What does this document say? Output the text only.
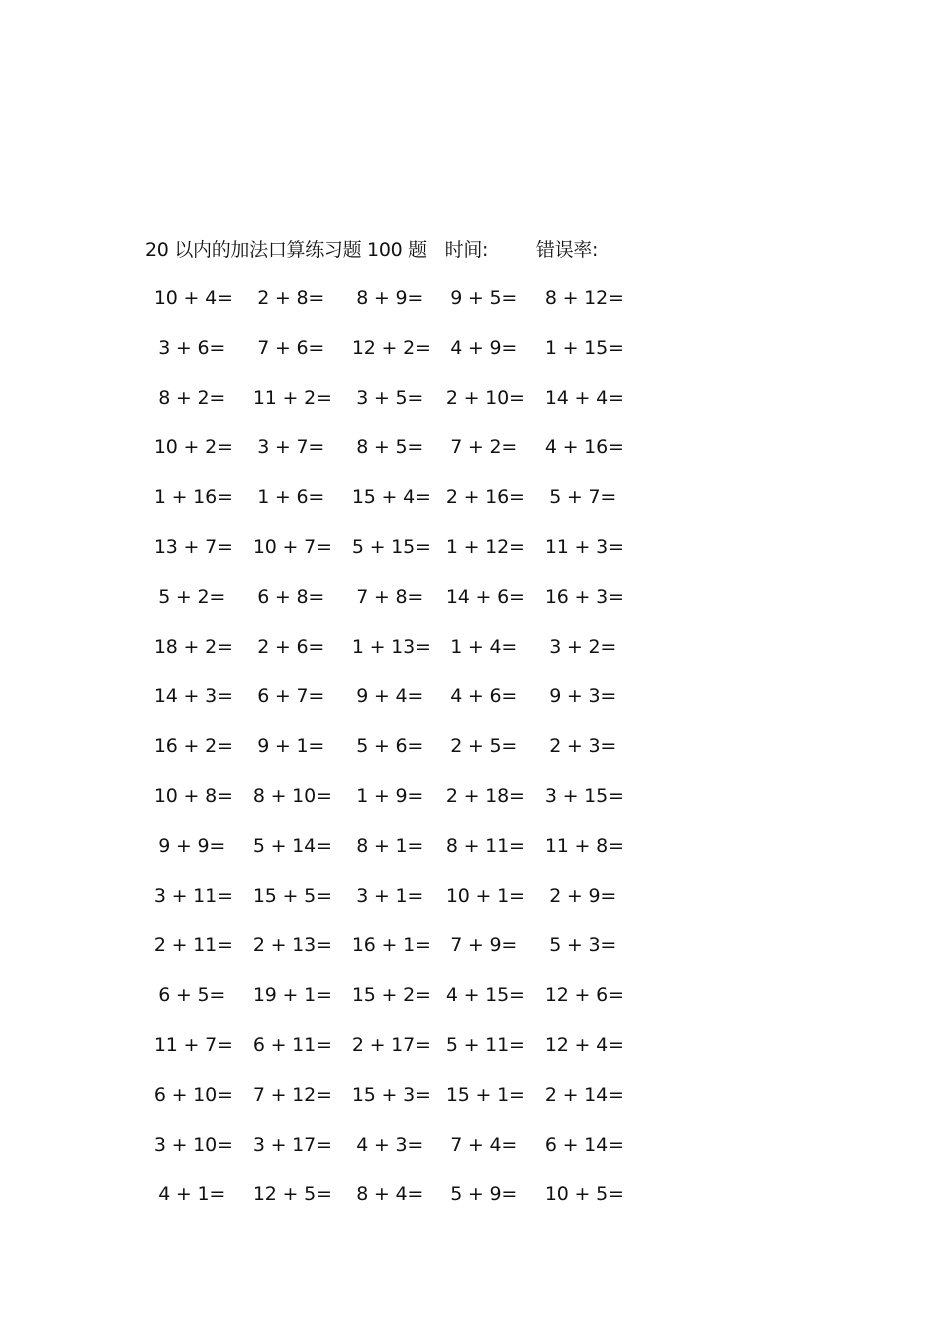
20 以内的加法口算练习题 100 题 时间:	错误率:
10 + 4= 2 + 8= 8 + 9= 9 + 5= 8 + 12=
3 + 6= 7 + 6= 12 + 2= 4 + 9= 1 + 15=
8 + 2= 11 + 2= 3 + 5= 2 + 10= 14 + 4=
10 + 2= 3 + 7= 8 + 5= 7 + 2= 4 + 16=
1 + 16= 1 + 6= 15 + 4= 2 + 16= 5 + 7=
13 + 7= 10 + 7= 5 + 15= 1 + 12= 11 + 3=
5 + 2= 6 + 8= 7 + 8= 14 + 6= 16 + 3=
18 + 2= 2 + 6= 1 + 13= 1 + 4= 3 + 2=
14 + 3= 6 + 7= 9 + 4= 4 + 6= 9 + 3=
16 + 2= 9 + 1= 5 + 6= 2 + 5= 2 + 3=
10 + 8= 8 + 10= 1 + 9= 2 + 18= 3 + 15=
9 + 9= 5 + 14= 8 + 1= 8 + 11= 11 + 8=
3 + 11= 15 + 5= 3 + 1= 10 + 1= 2 + 9=
2 + 11= 2 + 13= 16 + 1= 7 + 9= 5 + 3=
6 + 5= 19 + 1= 15 + 2= 4 + 15= 12 + 6=
11 + 7= 6 + 11= 2 + 17= 5 + 11= 12 + 4=
6 + 10= 7 + 12= 15 + 3= 15 + 1= 2 + 14=
3 + 10= 3 + 17= 4 + 3= 7 + 4= 6 + 14=
4 + 1= 12 + 5= 8 + 4= 5 + 9= 10 + 5=
